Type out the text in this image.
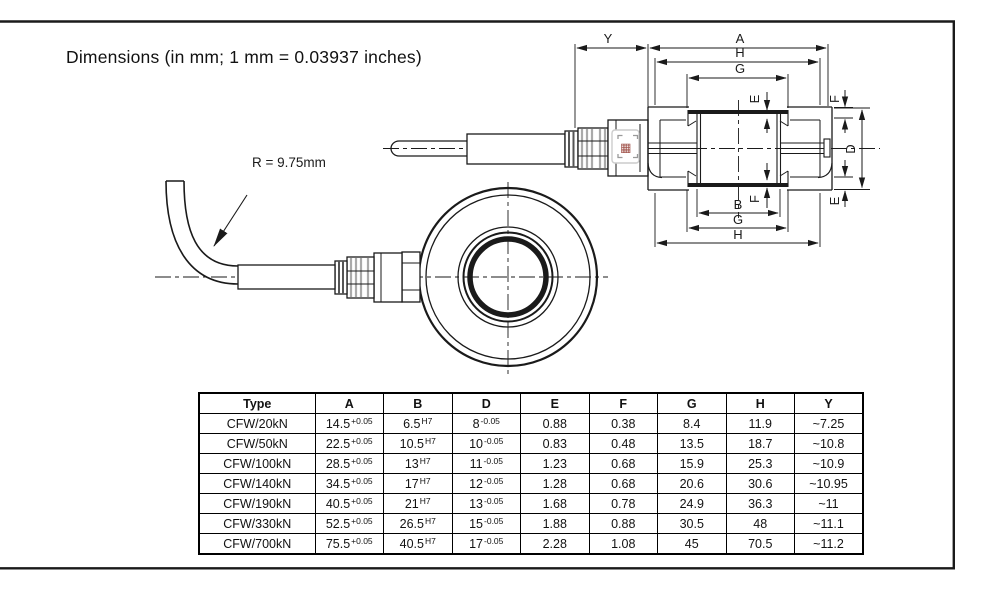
▦
Y	A
H
G
E	F
D
F	E
B
G
H
R = 9.75mm
Dimensions (in mm; 1 mm = 0.03937 inches)
Type	A	B	D	E	F	G	H	Y
CFW/20kN	$14.5^{+0.05}$	$6.5^{H7}$	$8^{-0.05}$	0.88	0.38	8.4	11.9	~7.25
CFW/50kN	$22.5^{+0.05}$	$10.5^{H7}$	$10^{-0.05}$	0.83	0.48	13.5	18.7	~10.8
CFW/100kN	$28.5^{+0.05}$	$13^{H7}$	$11^{-0.05}$	1.23	0.68	15.9	25.3	~10.9
CFW/140kN	$34.5^{+0.05}$	$17^{H7}$	$12^{-0.05}$	1.28	0.68	20.6	30.6	~10.95
CFW/190kN	$40.5^{+0.05}$	$21^{H7}$	$13^{-0.05}$	1.68	0.78	24.9	36.3	~11
CFW/330kN	$52.5^{+0.05}$	$26.5^{H7}$	$15^{-0.05}$	1.88	0.88	30.5	48	~11.1
CFW/700kN	$75.5^{+0.05}$	$40.5^{H7}$	$17^{-0.05}$	2.28	1.08	45	70.5	~11.2
